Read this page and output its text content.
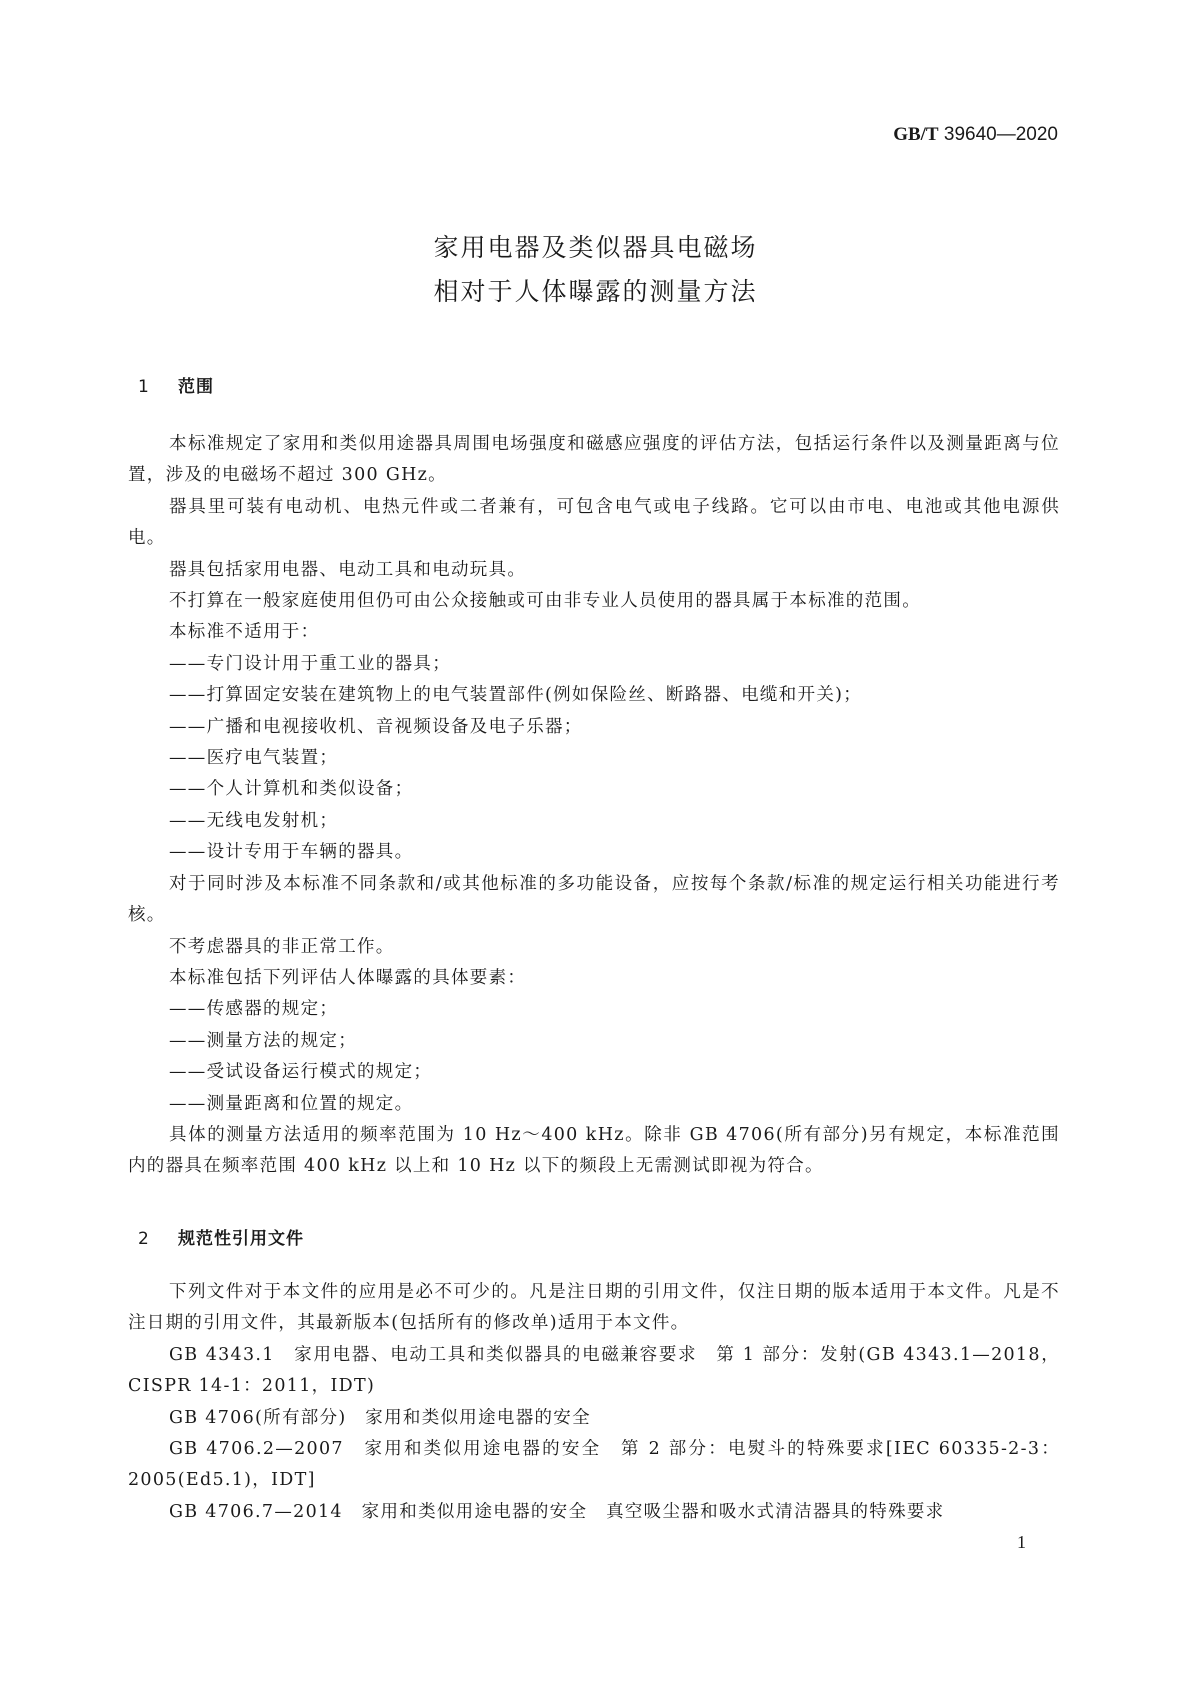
GB/T 39640—2020
家用电器及类似器具电磁场
相对于人体曝露的测量方法
1 范围

本标准规定了家用和类似用途器具周围电场强度和磁感应强度的评估方法，包括运行条件以及测量距离与位置，涉及的电磁场不超过 300 GHz。

器具里可装有电动机、电热元件或二者兼有，可包含电气或电子线路。它可以由市电、电池或其他电源供电。

器具包括家用电器、电动工具和电动玩具。

不打算在一般家庭使用但仍可由公众接触或可由非专业人员使用的器具属于本标准的范围。

本标准不适用于：

——专门设计用于重工业的器具；

——打算固定安装在建筑物上的电气装置部件(例如保险丝、断路器、电缆和开关)；

——广播和电视接收机、音视频设备及电子乐器；

——医疗电气装置；

——个人计算机和类似设备；

——无线电发射机；

——设计专用于车辆的器具。

对于同时涉及本标准不同条款和/或其他标准的多功能设备，应按每个条款/标准的规定运行相关功能进行考核。

不考虑器具的非正常工作。

本标准包括下列评估人体曝露的具体要素：

——传感器的规定；

——测量方法的规定；

——受试设备运行模式的规定；

——测量距离和位置的规定。

具体的测量方法适用的频率范围为 10 Hz～400 kHz。除非 GB 4706(所有部分)另有规定，本标准范围内的器具在频率范围 400 kHz 以上和 10 Hz 以下的频段上无需测试即视为符合。

2 规范性引用文件

下列文件对于本文件的应用是必不可少的。凡是注日期的引用文件，仅注日期的版本适用于本文件。凡是不注日期的引用文件，其最新版本(包括所有的修改单)适用于本文件。

GB 4343.1　家用电器、电动工具和类似器具的电磁兼容要求　第 1 部分：发射(GB 4343.1—2018，CISPR 14-1：2011，IDT)

GB 4706(所有部分)　家用和类似用途电器的安全

GB 4706.2—2007　家用和类似用途电器的安全　第 2 部分：电熨斗的特殊要求[IEC 60335-2-3：2005(Ed5.1)，IDT]

GB 4706.7—2014　家用和类似用途电器的安全　真空吸尘器和吸水式清洁器具的特殊要求

1
